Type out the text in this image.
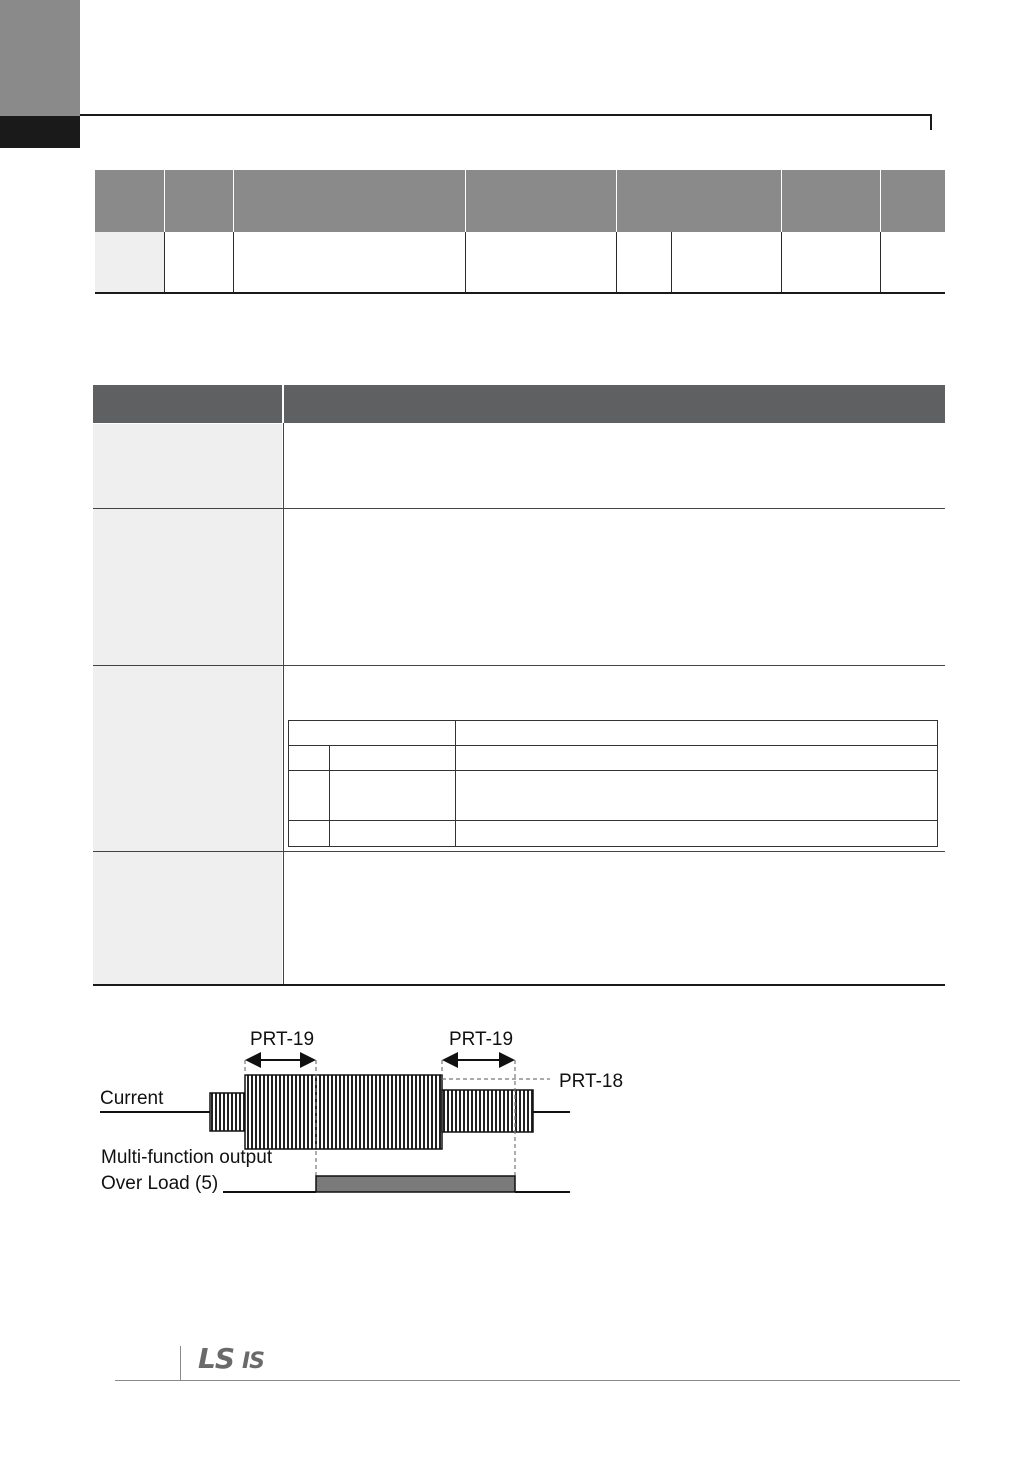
PRT-19	PRT-19
PRT-18
Current
Multi-function output
Over Load (5)
LS IS
